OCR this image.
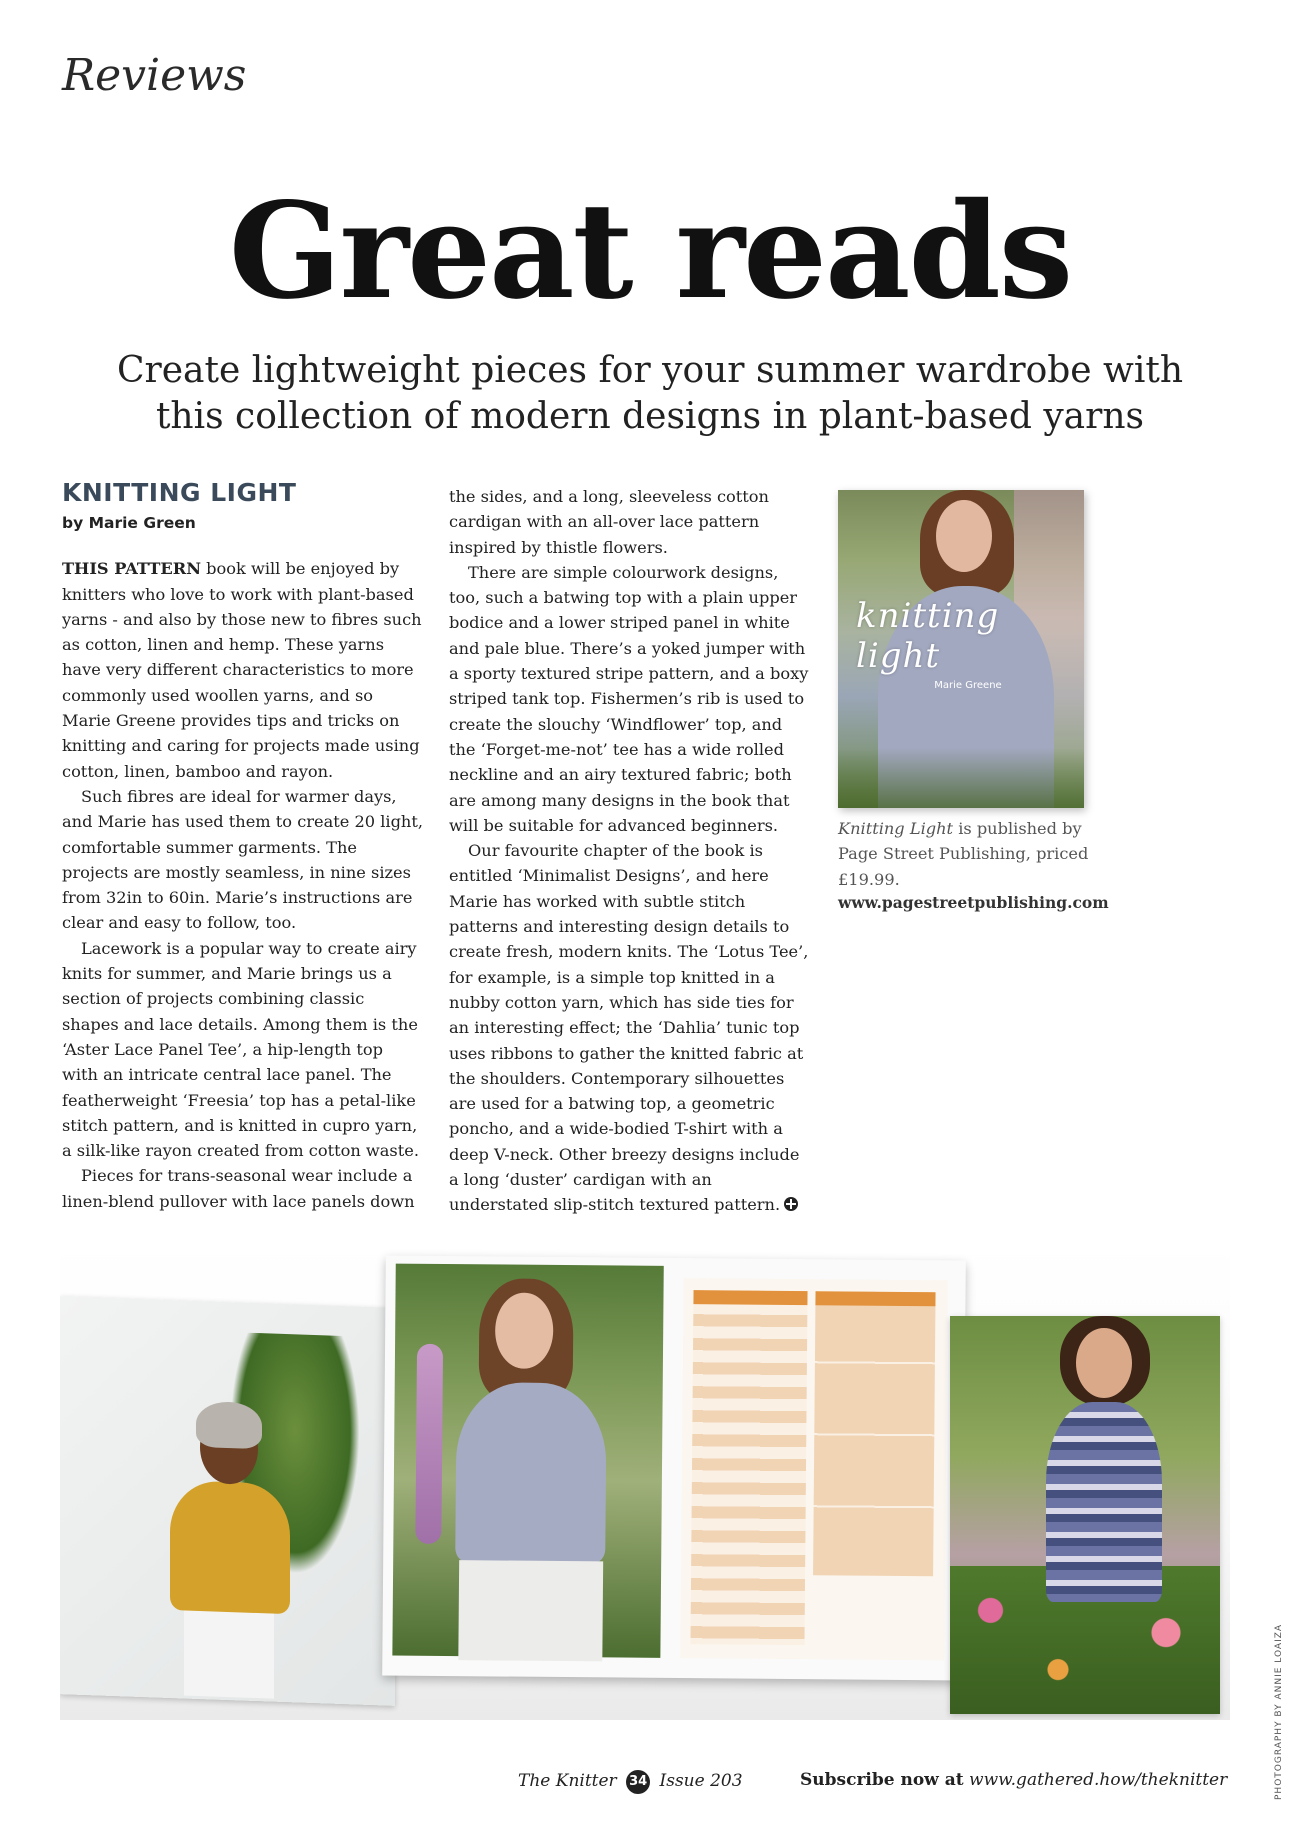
Reviews
Great reads

Create lightweight pieces for your summer wardrobe with this collection of modern designs in plant-based yarns

KNITTING LIGHT
by Marie Green

THIS PATTERN book will be enjoyed by knitters who love to work with plant-based yarns - and also by those new to fibres such as cotton, linen and hemp. These yarns have very different characteristics to more commonly used woollen yarns, and so Marie Greene provides tips and tricks on knitting and caring for projects made using cotton, linen, bamboo and rayon.

Such fibres are ideal for warmer days, and Marie has used them to create 20 light, comfortable summer garments. The projects are mostly seamless, in nine sizes from 32in to 60in. Marie’s instructions are clear and easy to follow, too.

Lacework is a popular way to create airy knits for summer, and Marie brings us a section of projects combining classic shapes and lace details. Among them is the ‘Aster Lace Panel Tee’, a hip-length top with an intricate central lace panel. The featherweight ‘Freesia’ top has a petal-like stitch pattern, and is knitted in cupro yarn, a silk-like rayon created from cotton waste.

Pieces for trans-seasonal wear include a linen-blend pullover with lace panels down

the sides, and a long, sleeveless cotton cardigan with an all-over lace pattern inspired by thistle flowers.

There are simple colourwork designs, too, such a batwing top with a plain upper bodice and a lower striped panel in white and pale blue. There’s a yoked jumper with a sporty textured stripe pattern, and a boxy striped tank top. Fishermen’s rib is used to create the slouchy ‘Windflower’ top, and the ‘Forget-me-not’ tee has a wide rolled neckline and an airy textured fabric; both are among many designs in the book that will be suitable for advanced beginners.

Our favourite chapter of the book is entitled ‘Minimalist Designs’, and here Marie has worked with subtle stitch patterns and interesting design details to create fresh, modern knits. The ‘Lotus Tee’, for example, is a simple top knitted in a nubby cotton yarn, which has side ties for an interesting effect; the ‘Dahlia’ tunic top uses ribbons to gather the knitted fabric at the shoulders. Contemporary silhouettes are used for a batwing top, a geometric poncho, and a wide-bodied T-shirt with a deep V-neck. Other breezy designs include a long ‘duster’ cardigan with an understated slip-stitch textured pattern.

knitting light
Marie Greene

Knitting Light is published by Page Street Publishing, priced £19.99.

www.pagestreetpublishing.com

PHOTOGRAPHY BY ANNIE LOAIZA
The Knitter 34 Issue 203	Subscribe now at www.gathered.how/theknitter
